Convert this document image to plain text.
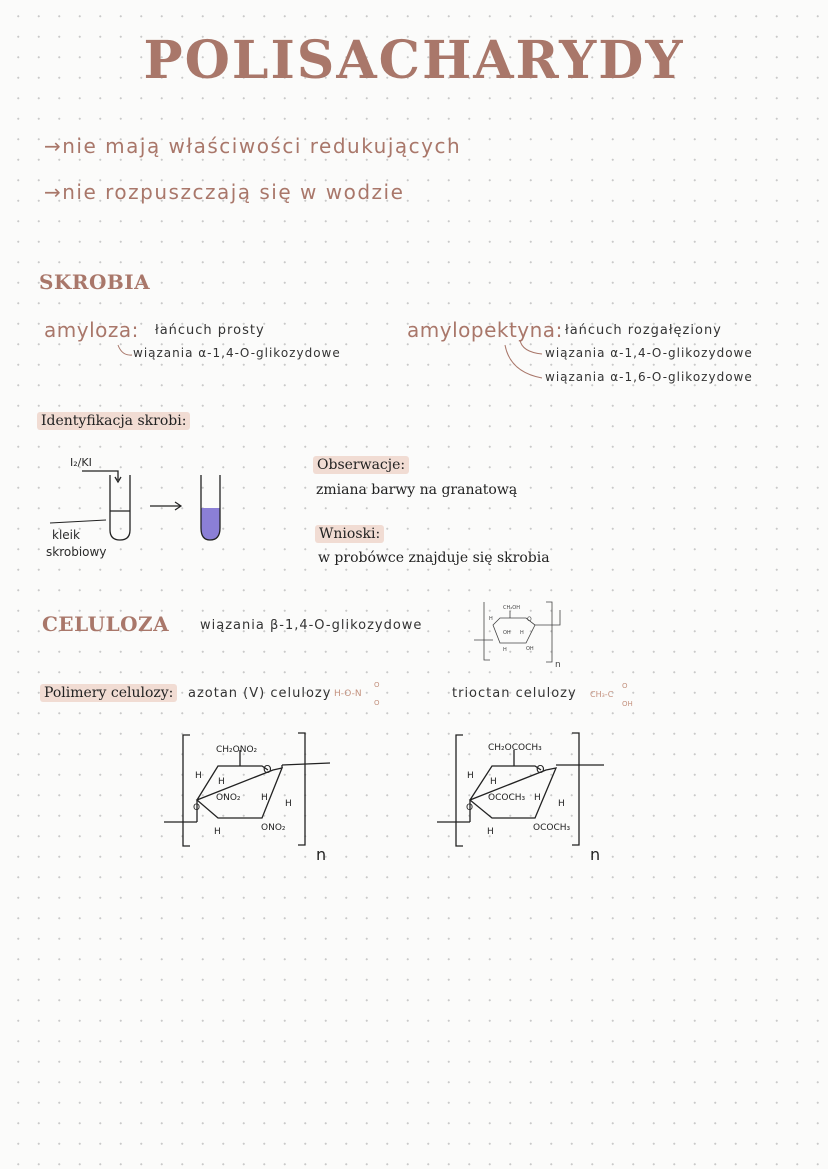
POLISACHARYDY
→nie mają właściwości redukujących
→nie rozpuszczają się w wodzie
SKROBIA
amyloza: łańcuch prosty
wiązania α-1,4-O-glikozydowe
amylopektyna: łańcuch rozgałęziony
wiązania α-1,4-O-glikozydowe
wiązania α-1,6-O-glikozydowe
Identyfikacja skrobi:
I₂/KI
kleik
skrobiowy
Obserwacje:
zmiana barwy na granatową
Wnioski:
w probówce znajduje się skrobia
CELULOZA wiązania β-1,4-O-glikozydowe
Polimery celulozy:	azotan (V) celulozy H-O-N
O
O
trioctan celulozy CH₃-C
O
OH
CH₂OH
O
H
OH H
OH
H
n
CH₂ONO₂
O
H
H
ONO₂ H
H
O
H	ONO₂
n
CH₂OCOCH₃
O
H
H
OCOCH₃ H
H
O
H	OCOCH₃
n
